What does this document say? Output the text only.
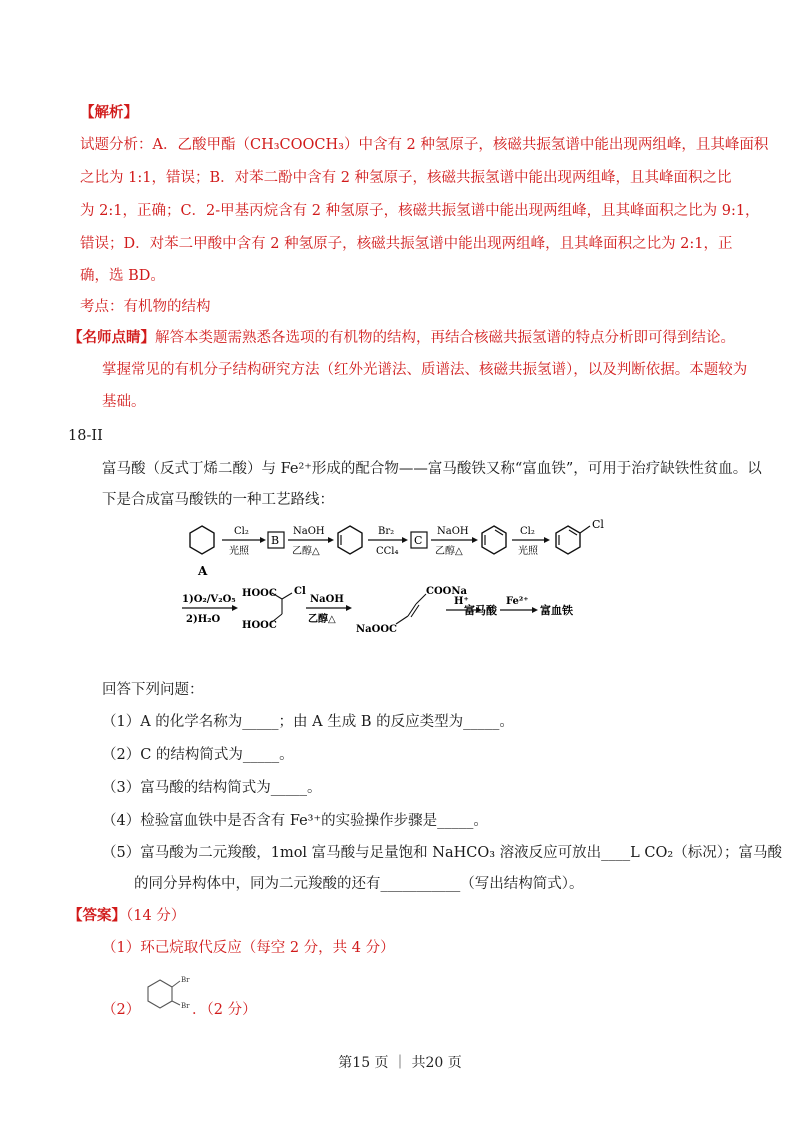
【解析】
试题分析：A．乙酸甲酯（CH₃COOCH₃）中含有 2 种氢原子，核磁共振氢谱中能出现两组峰，且其峰面积
之比为 1:1，错误；B．对苯二酚中含有 2 种氢原子，核磁共振氢谱中能出现两组峰，且其峰面积之比
为 2:1，正确；C．2-甲基丙烷含有 2 种氢原子，核磁共振氢谱中能出现两组峰，且其峰面积之比为 9:1，
错误；D．对苯二甲酸中含有 2 种氢原子，核磁共振氢谱中能出现两组峰，且其峰面积之比为 2:1，正
确，选 BD。
考点：有机物的结构
【名师点睛】解答本类题需熟悉各选项的有机物的结构，再结合核磁共振氢谱的特点分析即可得到结论。
掌握常见的有机分子结构研究方法（红外光谱法、质谱法、核磁共振氢谱），以及判断依据。本题较为
基础。
18-II
富马酸（反式丁烯二酸）与 Fe²⁺形成的配合物——富马酸铁又称“富血铁”，可用于治疗缺铁性贫血。以
下是合成富马酸铁的一种工艺路线：
A
Cl₂
光照
B
NaOH
乙醇△
Br₂
CCl₄
C
NaOH
乙醇△
Cl₂
光照
Cl
1)O₂/V₂O₅
2)H₂O
HOOC Cl
HOOC
NaOH
乙醇△
NaOOC
COONa
H⁺
富马酸
Fe²⁺
富血铁
回答下列问题：
（1）A 的化学名称为_____；由 A 生成 B 的反应类型为_____。
（2）C 的结构简式为_____。
（3）富马酸的结构简式为_____。
（4）检验富血铁中是否含有 Fe³⁺的实验操作步骤是_____。
（5）富马酸为二元羧酸，1mol 富马酸与足量饱和 NaHCO₃ 溶液反应可放出____L CO₂（标况）；富马酸
的同分异构体中，同为二元羧酸的还有___________（写出结构简式）。
【答案】（14 分）
（1）环己烷取代反应（每空 2 分，共 4 分）
（2）
Br
Br ．（2 分）
第15 页 ｜ 共20 页
